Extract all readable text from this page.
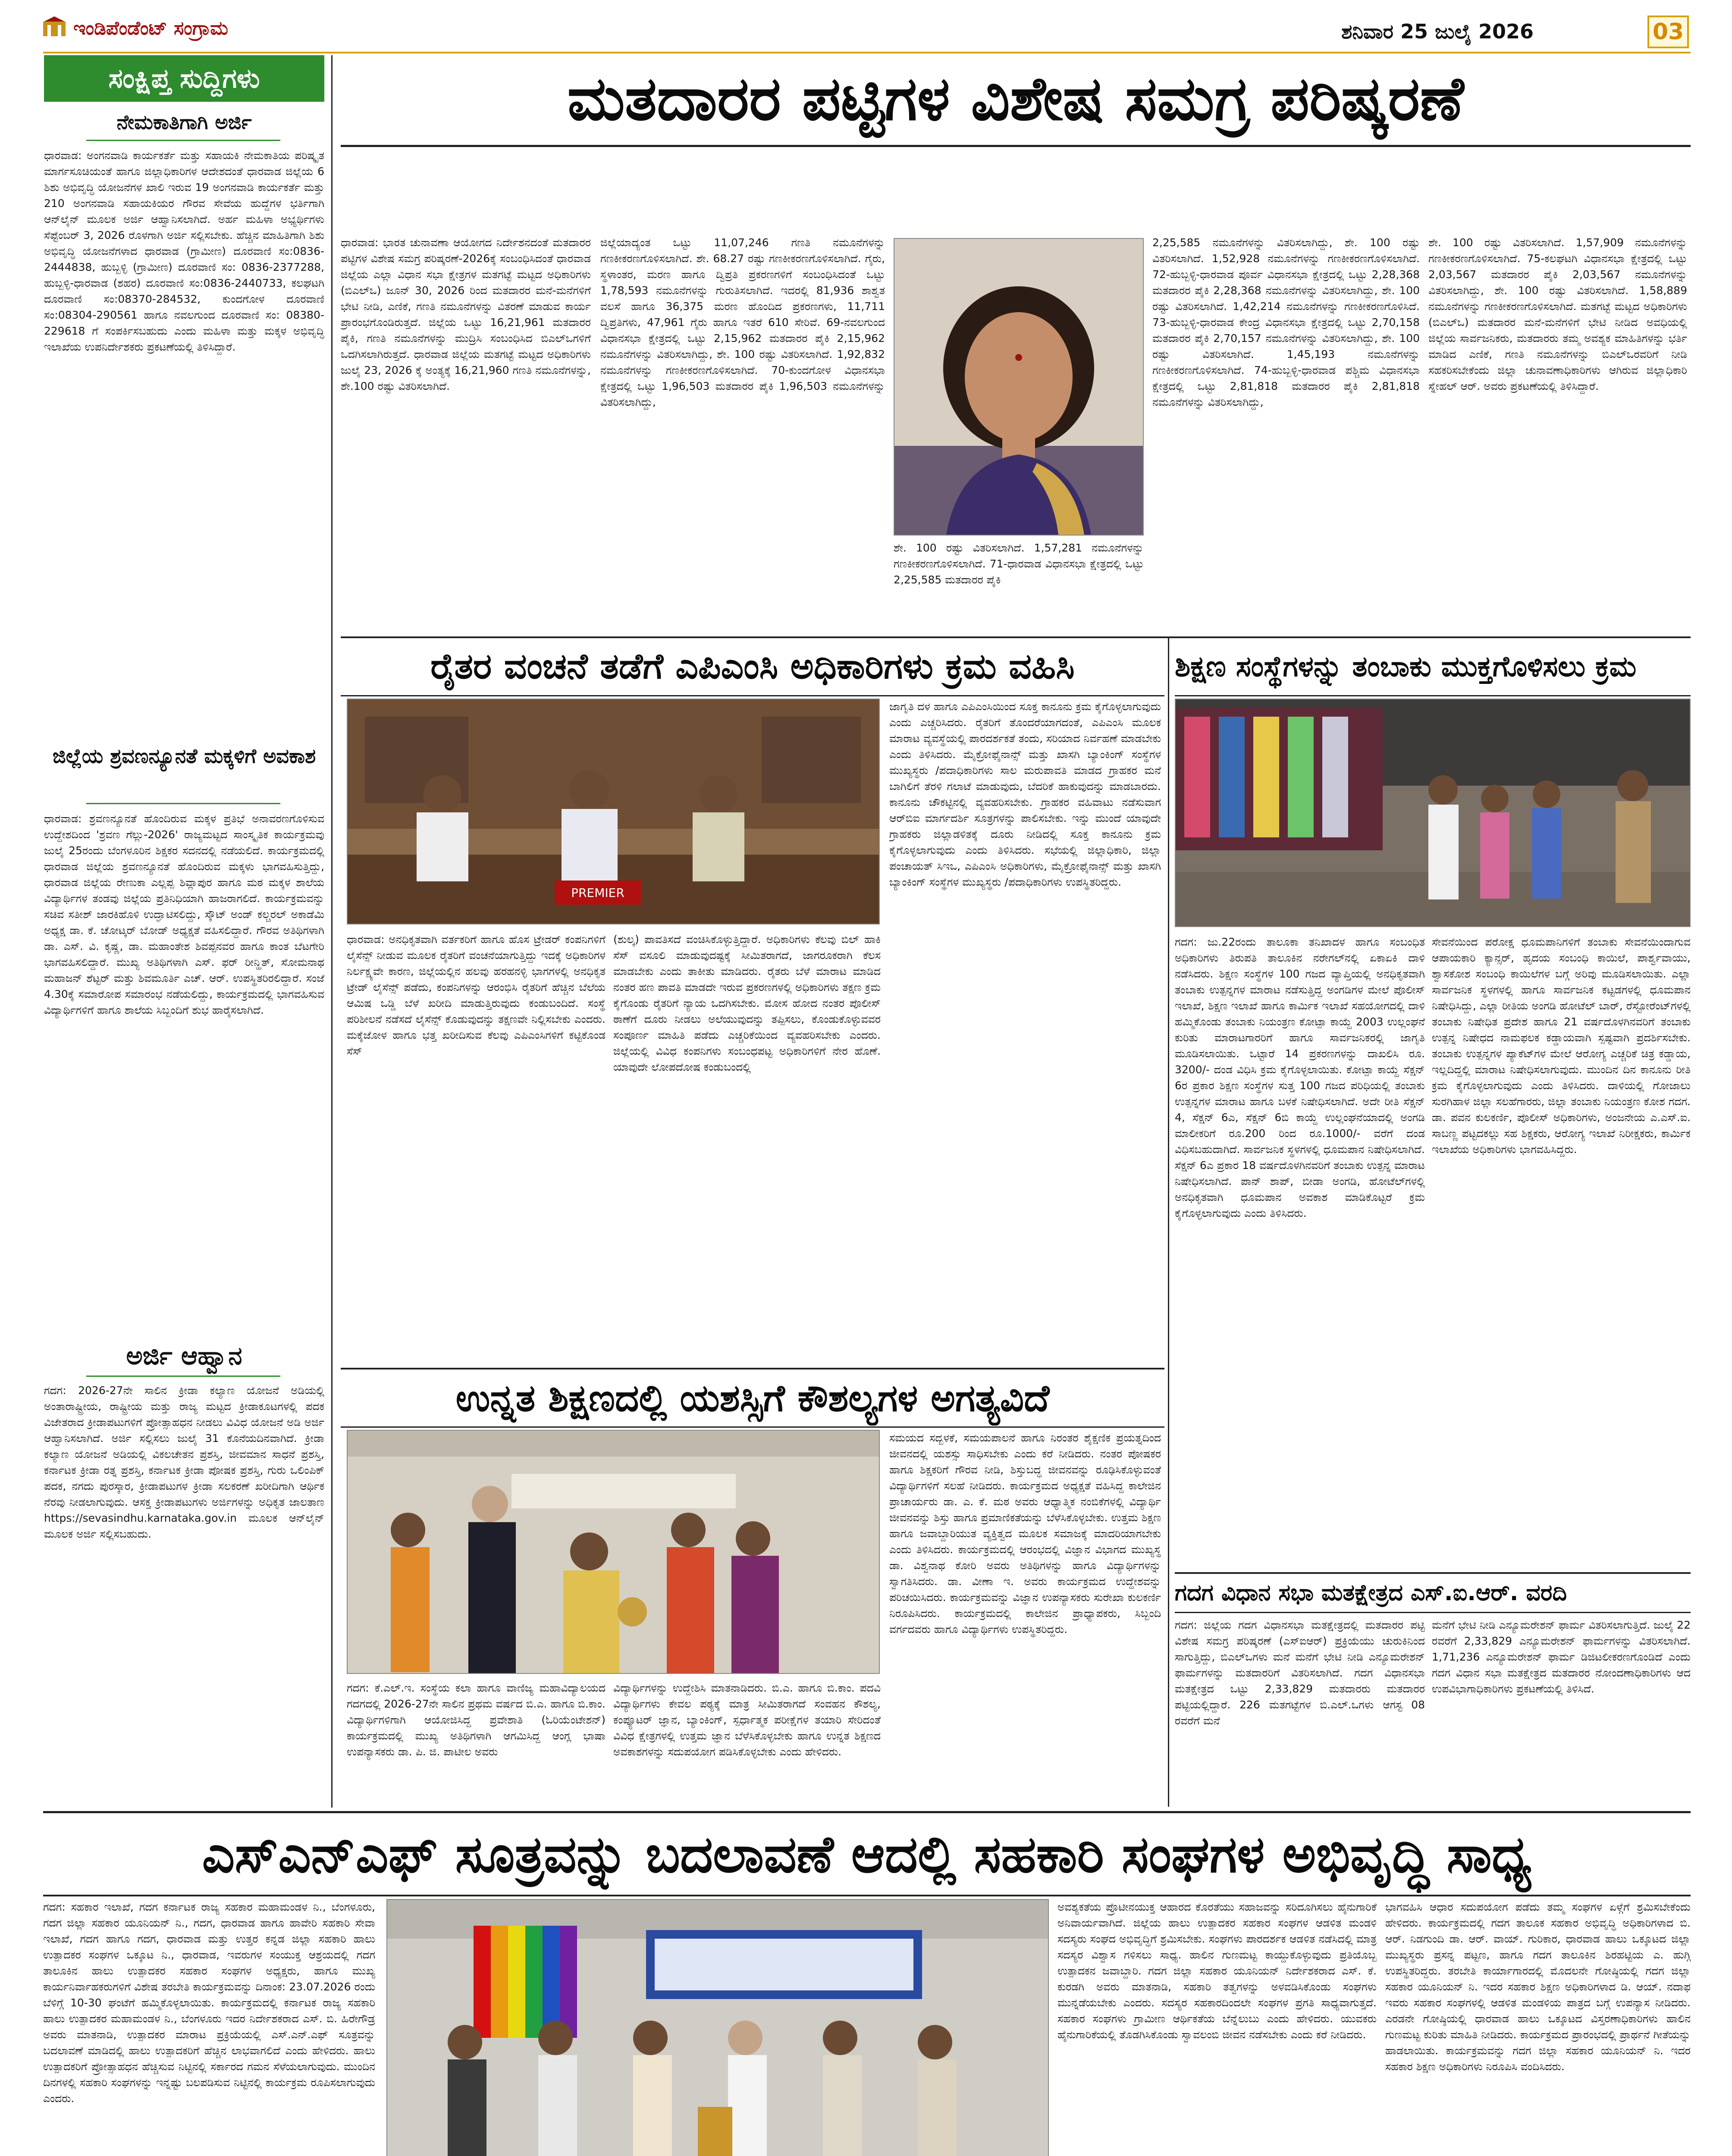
ಇಂಡಿಪೆಂಡೆಂಟ್ ಸಂಗ್ರಾಮ	ಶನಿವಾರ 25 ಜುಲೈ 2026	03
ಸಂಕ್ಷಿಪ್ತ ಸುದ್ದಿಗಳು
ನೇಮಕಾತಿಗಾಗಿ ಅರ್ಜಿ
ಧಾರವಾಡ: ಅಂಗನವಾಡಿ ಕಾರ್ಯಕರ್ತೆ ಮತ್ತು ಸಹಾಯಕಿ ನೇಮಕಾತಿಯ ಪರಿಷ್ಕೃತ ಮಾರ್ಗಸೂಚಿಯಂತೆ ಹಾಗೂ ಜಿಲ್ಲಾಧಿಕಾರಿಗಳ ಆದೇಶದಂತೆ ಧಾರವಾಡ ಜಿಲ್ಲೆಯ 6 ಶಿಶು ಅಭಿವೃದ್ಧಿ ಯೋಜನೆಗಳ ಖಾಲಿ ಇರುವ 19 ಅಂಗನವಾಡಿ ಕಾರ್ಯಕರ್ತೆ ಮತ್ತು 210 ಅಂಗನವಾಡಿ ಸಹಾಯಕಿಯರ ಗೌರವ ಸೇವೆಯ ಹುದ್ದೆಗಳ ಭರ್ತಿಗಾಗಿ ಆನ್‌ಲೈನ್ ಮೂಲಕ ಅರ್ಜಿ ಆಹ್ವಾನಿಸಲಾಗಿದೆ. ಅರ್ಹ ಮಹಿಳಾ ಅಭ್ಯರ್ಥಿಗಳು ಸೆಪ್ಟೆಂಬರ್ 3, 2026 ರೊಳಗಾಗಿ ಅರ್ಜಿ ಸಲ್ಲಿಸಬೇಕು. ಹೆಚ್ಚಿನ ಮಾಹಿತಿಗಾಗಿ ಶಿಶು ಅಭಿವೃದ್ಧಿ ಯೋಜನೆಗಳಾದ ಧಾರವಾಡ (ಗ್ರಾಮೀಣ) ದೂರವಾಣಿ ಸಂ:0836-2444838, ಹುಬ್ಬಳ್ಳಿ (ಗ್ರಾಮೀಣ) ದೂರವಾಣಿ ಸಂ: 0836-2377288, ಹುಬ್ಬಳ್ಳಿ-ಧಾರವಾಡ (ಶಹರ) ದೂರವಾಣಿ ಸಂ:0836-2440733, ಕಲಘಟಗಿ ದೂರವಾಣಿ ಸಂ:08370-284532, ಕುಂದಗೋಳ ದೂರವಾಣಿ ಸಂ:08304-290561 ಹಾಗೂ ನವಲಗುಂದ ದೂರವಾಣಿ ಸಂ: 08380-229618 ಗೆ ಸಂಪರ್ಕಿಸಬಹುದು ಎಂದು ಮಹಿಳಾ ಮತ್ತು ಮಕ್ಕಳ ಅಭಿವೃದ್ಧಿ ಇಲಾಖೆಯ ಉಪನಿರ್ದೇಶಕರು ಪ್ರಕಟಣೆಯಲ್ಲಿ ತಿಳಿಸಿದ್ದಾರೆ.
ಜಿಲ್ಲೆಯ ಶ್ರವಣನ್ಯೂನತೆ ಮಕ್ಕಳಿಗೆ ಅವಕಾಶ
ಧಾರವಾಡ: ಶ್ರವಣನ್ಯೂನತೆ ಹೊಂದಿರುವ ಮಕ್ಕಳ ಪ್ರತಿಭೆ ಅನಾವರಣಗೊಳಿಸುವ ಉದ್ದೇಶದಿಂದ 'ಶ್ರವಣ ಗೆಲ್ಲು-2026' ರಾಜ್ಯಮಟ್ಟದ ಸಾಂಸ್ಕೃತಿಕ ಕಾರ್ಯಕ್ರಮವು ಜುಲೈ 25ರಂದು ಬೆಂಗಳೂರಿನ ಶಿಕ್ಷಕರ ಸದನದಲ್ಲಿ ನಡೆಯಲಿದೆ. ಕಾರ್ಯಕ್ರಮದಲ್ಲಿ ಧಾರವಾಡ ಜಿಲ್ಲೆಯ ಶ್ರವಣನ್ಯೂನತೆ ಹೊಂದಿರುವ ಮಕ್ಕಳು ಭಾಗವಹಿಸುತ್ತಿದ್ದು, ಧಾರವಾಡ ಜಿಲ್ಲೆಯ ರೇಣುಕಾ ಎಲ್ಲಪ್ಪ ಶಿವ್ಲಾಪುರ ಹಾಗೂ ಮಠ ಮಕ್ಕಳ ಶಾಲೆಯ ವಿದ್ಯಾರ್ಥಿಗಳ ತಂಡವು ಜಿಲ್ಲೆಯ ಪ್ರತಿನಿಧಿಯಾಗಿ ಹಾಜರಾಗಲಿದೆ. ಕಾರ್ಯಕ್ರಮವನ್ನು ಸಚಿವ ಸತೀಶ್ ಜಾರಕಿಹೊಳಿ ಉದ್ಘಾಟಿಸಲಿದ್ದು, ಸ್ಕೌಟ್ ಅಂಡ್ ಕಲ್ಚರಲ್ ಅಕಾಡೆಮಿ ಅಧ್ಯಕ್ಷ ಡಾ. ಕೆ. ಚೋಟ್ಕರ್ ಬೋಡ್ ಅಧ್ಯಕ್ಷತೆ ವಹಿಸಲಿದ್ದಾರೆ. ಗೌರವ ಅತಿಥಿಗಳಾಗಿ ಡಾ. ಎಸ್. ವಿ. ಕೃಷ್ಣ, ಡಾ. ಮಹಾಂತೇಶ ಶಿವಪ್ಪನವರ ಹಾಗೂ ಕಾಂತ ಬೆಟಗೇರಿ ಭಾಗವಹಿಸಲಿದ್ದಾರೆ. ಮುಖ್ಯ ಅತಿಥಿಗಳಾಗಿ ಎಸ್. ಫರ್ ರೀನ್ಹಿತ್, ಸೋಮನಾಥ ಮಹಾಜನ್ ಶೆಟ್ಟರ್ ಮತ್ತು ಶಿವಮೂರ್ತಿ ಎಚ್. ಆರ್. ಉಪಸ್ಥಿತರಿರಲಿದ್ದಾರೆ. ಸಂಜೆ 4.30ಕ್ಕೆ ಸಮಾರೋಪ ಸಮಾರಂಭ ನಡೆಯಲಿದ್ದು, ಕಾರ್ಯಕ್ರಮದಲ್ಲಿ ಭಾಗವಹಿಸುವ ವಿದ್ಯಾರ್ಥಿಗಳಿಗೆ ಹಾಗೂ ಶಾಲೆಯ ಸಿಬ್ಬಂದಿಗೆ ಶುಭ ಹಾರೈಸಲಾಗಿದೆ.
ಅರ್ಜಿ ಆಹ್ವಾನ
ಗದಗ: 2026-27ನೇ ಸಾಲಿನ ಕ್ರೀಡಾ ಕಲ್ಯಾಣ ಯೋಜನೆ ಅಡಿಯಲ್ಲಿ ಅಂತಾರಾಷ್ಟ್ರೀಯ, ರಾಷ್ಟ್ರೀಯ ಮತ್ತು ರಾಜ್ಯ ಮಟ್ಟದ ಕ್ರೀಡಾಕೂಟಗಳಲ್ಲಿ ಪದಕ ವಿಜೇತರಾದ ಕ್ರೀಡಾಪಟುಗಳಿಗೆ ಪ್ರೋತ್ಸಾಹಧನ ನೀಡಲು ವಿವಿಧ ಯೋಜನೆ ಅಡಿ ಅರ್ಜಿ ಆಹ್ವಾನಿಸಲಾಗಿದೆ. ಅರ್ಜಿ ಸಲ್ಲಿಸಲು ಜುಲೈ 31 ಕೊನೆಯದಿನವಾಗಿದೆ. ಕ್ರೀಡಾ ಕಲ್ಯಾಣ ಯೋಜನೆ ಅಡಿಯಲ್ಲಿ ವಿಕಲಚೇತನ ಪ್ರಶಸ್ತಿ, ಜೀವಮಾನ ಸಾಧನೆ ಪ್ರಶಸ್ತಿ, ಕರ್ನಾಟಕ ಕ್ರೀಡಾ ರತ್ನ ಪ್ರಶಸ್ತಿ, ಕರ್ನಾಟಕ ಕ್ರೀಡಾ ಪೋಷಕ ಪ್ರಶಸ್ತಿ, ಗುರು ಒಲಿಂಪಿಕ್ ಪದಕ, ನಗದು ಪುರಸ್ಕಾರ, ಕ್ರೀಡಾಪಟುಗಳ ಕ್ರೀಡಾ ಸಲಕರಣೆ ಖರೀದಿಗಾಗಿ ಆರ್ಥಿಕ ನೆರವು ನೀಡಲಾಗುವುದು. ಆಸಕ್ತ ಕ್ರೀಡಾಪಟುಗಳು ಅರ್ಜಿಗಳನ್ನು ಅಧಿಕೃತ ಜಾಲತಾಣ https://sevasindhu.karnataka.gov.in ಮೂಲಕ ಆನ್‌ಲೈನ್ ಮೂಲಕ ಅರ್ಜಿ ಸಲ್ಲಿಸಬಹುದು.
ಮತದಾರರ ಪಟ್ಟಿಗಳ ವಿಶೇಷ ಸಮಗ್ರ ಪರಿಷ್ಕರಣೆ
ಧಾರವಾಡ: ಭಾರತ ಚುನಾವಣಾ ಆಯೋಗದ ನಿರ್ದೇಶನದಂತೆ ಮತದಾರರ ಪಟ್ಟಿಗಳ ವಿಶೇಷ ಸಮಗ್ರ ಪರಿಷ್ಕರಣೆ-2026ಕ್ಕೆ ಸಂಬಂಧಿಸಿದಂತೆ ಧಾರವಾಡ ಜಿಲ್ಲೆಯ ಎಲ್ಲಾ ವಿಧಾನ ಸಭಾ ಕ್ಷೇತ್ರಗಳ ಮತಗಟ್ಟೆ ಮಟ್ಟದ ಅಧಿಕಾರಿಗಳು (ಬಿಎಲ್‌ಒ) ಜೂನ್ 30, 2026 ರಿಂದ ಮತದಾರರ ಮನೆ-ಮನೆಗಳಿಗೆ ಭೇಟಿ ನೀಡಿ, ಎಣಿಕೆ, ಗಣತಿ ನಮೂನೆಗಳನ್ನು ವಿತರಣೆ ಮಾಡುವ ಕಾರ್ಯ ಪ್ರಾರಂಭಗೊಂಡಿರುತ್ತದೆ. ಜಿಲ್ಲೆಯ ಒಟ್ಟು 16,21,961 ಮತದಾರರ ಪೈಕಿ, ಗಣತಿ ನಮೂನೆಗಳನ್ನು ಮುದ್ರಿಸಿ ಸಂಬಂಧಿಸಿದ ಬಿಎಲ್‌ಒಗಳಿಗೆ ಒದಗಿಸಲಾಗಿರುತ್ತದೆ. ಧಾರವಾಡ ಜಿಲ್ಲೆಯ ಮತಗಟ್ಟೆ ಮಟ್ಟದ ಅಧಿಕಾರಿಗಳು ಜುಲೈ 23, 2026 ಕ್ಕೆ ಅಂತ್ಯಕ್ಕೆ 16,21,960 ಗಣತಿ ನಮೂನೆಗಳನ್ನು, ಶೇ.100 ರಷ್ಟು ವಿತರಿಸಲಾಗಿದೆ.
ಜಿಲ್ಲೆಯಾದ್ಯಂತ ಒಟ್ಟು 11,07,246 ಗಣತಿ ನಮೂನೆಗಳನ್ನು ಗಣಕೀಕರಣಗೊಳಿಸಲಾಗಿದೆ. ಶೇ. 68.27 ರಷ್ಟು ಗಣಕೀಕರಣಗೊಳಿಸಲಾಗಿದೆ. ಗೈರು, ಸ್ಥಳಾಂತರ, ಮರಣ ಹಾಗೂ ದ್ವಿಪ್ರತಿ ಪ್ರಕರಣಗಳಿಗೆ ಸಂಬಂಧಿಸಿದಂತೆ ಒಟ್ಟು 1,78,593 ನಮೂನೆಗಳನ್ನು ಗುರುತಿಸಲಾಗಿದೆ. ಇದರಲ್ಲಿ 81,936 ಶಾಶ್ವತ ವಲಸೆ ಹಾಗೂ 36,375 ಮರಣ ಹೊಂದಿದ ಪ್ರಕರಣಗಳು, 11,711 ದ್ವಿಪ್ರತಿಗಳು, 47,961 ಗೈರು ಹಾಗೂ ಇತರೆ 610 ಸೇರಿವೆ. 69-ನವಲಗುಂದ ವಿಧಾನಸಭಾ ಕ್ಷೇತ್ರದಲ್ಲಿ ಒಟ್ಟು 2,15,962 ಮತದಾರರ ಪೈಕಿ 2,15,962 ನಮೂನೆಗಳನ್ನು ವಿತರಿಸಲಾಗಿದ್ದು, ಶೇ. 100 ರಷ್ಟು ವಿತರಿಸಲಾಗಿದೆ. 1,92,832 ನಮೂನೆಗಳನ್ನು ಗಣಕೀಕರಣಗೊಳಿಸಲಾಗಿದೆ. 70-ಕುಂದಗೋಳ ವಿಧಾನಸಭಾ ಕ್ಷೇತ್ರದಲ್ಲಿ ಒಟ್ಟು 1,96,503 ಮತದಾರರ ಪೈಕಿ 1,96,503 ನಮೂನೆಗಳನ್ನು ವಿತರಿಸಲಾಗಿದ್ದು,
ಶೇ. 100 ರಷ್ಟು ವಿತರಿಸಲಾಗಿದೆ. 1,57,281 ನಮೂನೆಗಳನ್ನು ಗಣಕೀಕರಣಗೊಳಿಸಲಾಗಿದೆ. 71-ಧಾರವಾಡ ವಿಧಾನಸಭಾ ಕ್ಷೇತ್ರದಲ್ಲಿ ಒಟ್ಟು 2,25,585 ಮತದಾರರ ಪೈಕಿ
2,25,585 ನಮೂನೆಗಳನ್ನು ವಿತರಿಸಲಾಗಿದ್ದು, ಶೇ. 100 ರಷ್ಟು ವಿತರಿಸಲಾಗಿದೆ. 1,52,928 ನಮೂನೆಗಳನ್ನು ಗಣಕೀಕರಣಗೊಳಿಸಲಾಗಿದೆ. 72-ಹುಬ್ಬಳ್ಳಿ-ಧಾರವಾಡ ಪೂರ್ವ ವಿಧಾನಸಭಾ ಕ್ಷೇತ್ರದಲ್ಲಿ ಒಟ್ಟು 2,28,368 ಮತದಾರರ ಪೈಕಿ 2,28,368 ನಮೂನೆಗಳನ್ನು ವಿತರಿಸಲಾಗಿದ್ದು, ಶೇ. 100 ರಷ್ಟು ವಿತರಿಸಲಾಗಿದೆ. 1,42,214 ನಮೂನೆಗಳನ್ನು ಗಣಕೀಕರಣಗೊಳಿಸಿದೆ. 73-ಹುಬ್ಬಳ್ಳಿ-ಧಾರವಾಡ ಕೇಂದ್ರ ವಿಧಾನಸಭಾ ಕ್ಷೇತ್ರದಲ್ಲಿ ಒಟ್ಟು 2,70,158 ಮತದಾರರ ಪೈಕಿ 2,70,157 ನಮೂನೆಗಳನ್ನು ವಿತರಿಸಲಾಗಿದ್ದು, ಶೇ. 100 ರಷ್ಟು ವಿತರಿಸಲಾಗಿದೆ. 1,45,193 ನಮೂನೆಗಳನ್ನು ಗಣಕೀಕರಣಗೊಳಿಸಲಾಗಿದೆ. 74-ಹುಬ್ಬಳ್ಳಿ-ಧಾರವಾಡ ಪಶ್ಚಿಮ ವಿಧಾನಸಭಾ ಕ್ಷೇತ್ರದಲ್ಲಿ ಒಟ್ಟು 2,81,818 ಮತದಾರರ ಪೈಕಿ 2,81,818 ನಮೂನೆಗಳನ್ನು ವಿತರಿಸಲಾಗಿದ್ದು,
ಶೇ. 100 ರಷ್ಟು ವಿತರಿಸಲಾಗಿದೆ. 1,57,909 ನಮೂನೆಗಳನ್ನು ಗಣಕೀಕರಣಗೊಳಿಸಲಾಗಿದೆ. 75-ಕಲಘಟಗಿ ವಿಧಾನಸಭಾ ಕ್ಷೇತ್ರದಲ್ಲಿ ಒಟ್ಟು 2,03,567 ಮತದಾರರ ಪೈಕಿ 2,03,567 ನಮೂನೆಗಳನ್ನು ವಿತರಿಸಲಾಗಿದ್ದು, ಶೇ. 100 ರಷ್ಟು ವಿತರಿಸಲಾಗಿದೆ. 1,58,889 ನಮೂನೆಗಳನ್ನು ಗಣಕೀಕರಣಗೊಳಿಸಲಾಗಿದೆ. ಮತಗಟ್ಟೆ ಮಟ್ಟದ ಅಧಿಕಾರಿಗಳು (ಬಿಎಲ್‌ಒ) ಮತದಾರರ ಮನೆ-ಮನೆಗಳಿಗೆ ಭೇಟಿ ನೀಡಿದ ಅವಧಿಯಲ್ಲಿ ಜಿಲ್ಲೆಯ ಸಾರ್ವಜನಿಕರು, ಮತದಾರರು ತಮ್ಮ ಅವಶ್ಯಕ ಮಾಹಿತಿಗಳನ್ನು ಭರ್ತಿ ಮಾಡಿದ ಎಣಿಕೆ, ಗಣತಿ ನಮೂನೆಗಳನ್ನು ಬಿಎಲ್‌ಒರವರಿಗೆ ನೀಡಿ ಸಹಕರಿಸಬೇಕೆಂದು ಜಿಲ್ಲಾ ಚುನಾವಣಾಧಿಕಾರಿಗಳು ಆಗಿರುವ ಜಿಲ್ಲಾಧಿಕಾರಿ ಸ್ನೇಹಲ್ ಆರ್. ಅವರು ಪ್ರಕಟಣೆಯಲ್ಲಿ ತಿಳಿಸಿದ್ದಾರೆ.
ರೈತರ ವಂಚನೆ ತಡೆಗೆ ಎಪಿಎಂಸಿ ಅಧಿಕಾರಿಗಳು ಕ್ರಮ ವಹಿಸಿ
PREMIER
ಧಾರವಾಡ: ಅನಧಿಕೃತವಾಗಿ ವರ್ತಕರಿಗೆ ಹಾಗೂ ಹೊಸ ಟ್ರೇಡರ್ ಕಂಪನಿಗಳಿಗೆ ಲೈಸೆನ್ಸ್ ನೀಡುವ ಮೂಲಕ ರೈತರಿಗೆ ವಂಚನೆಯಾಗುತ್ತಿದ್ದು ಇದಕ್ಕೆ ಅಧಿಕಾರಿಗಳ ನಿರ್ಲಕ್ಷ್ಯವೇ ಕಾರಣ, ಜಿಲ್ಲೆಯಲ್ಲಿನ ಹಲವು ಹರಹನಳ್ಳಿ ಭಾಗಗಳಲ್ಲಿ ಅನಧಿಕೃತ ಟ್ರೇಡ್ ಲೈಸೆನ್ಸ್ ಪಡೆದು, ಕಂಪನಿಗಳನ್ನು ಆರಂಭಿಸಿ ರೈತರಿಗೆ ಹೆಚ್ಚಿನ ಬೆಲೆಯ ಆಮಿಷ ಒಡ್ಡಿ ಬೆಳೆ ಖರೀದಿ ಮಾಡುತ್ತಿರುವುದು ಕಂಡುಬಂದಿದೆ. ಸಂಸ್ಥೆ ಪರಿಶೀಲನೆ ನಡೆಸದೆ ಲೈಸೆನ್ಸ್ ಕೊಡುವುದನ್ನು ತಕ್ಷಣವೇ ನಿಲ್ಲಿಸಬೇಕು ಎಂದರು. ಮಕ್ಕೆಜೋಳ ಹಾಗೂ ಭತ್ತ ಖರೀದಿಸುವ ಕೆಲವು ಎಪಿಎಂಸಿಗಳಿಗೆ ಕಟ್ಟಿಕೊಂಡ ಸೆಸ್
(ಶುಲ್ಕ) ಪಾವತಿಸದೆ ವಂಚಿಸಿಕೊಳ್ಳುತ್ತಿದ್ದಾರೆ. ಅಧಿಕಾರಿಗಳು ಕೆಲವು ಬಿಲ್ ಹಾಕಿ ಸೆಸ್ ವಸೂಲಿ ಮಾಡುವುದಷ್ಟಕ್ಕೆ ಸೀಮಿತರಾಗದೆ, ಜಾಗರೂಕರಾಗಿ ಕೆಲಸ ಮಾಡಬೇಕು ಎಂದು ತಾಕೀತು ಮಾಡಿದರು. ರೈತರು ಬೆಳೆ ಮಾರಾಟ ಮಾಡಿದ ನಂತರ ಹಣ ಪಾವತಿ ಮಾಡದೇ ಇರುವ ಪ್ರಕರಣಗಳಲ್ಲಿ ಅಧಿಕಾರಿಗಳು ತಕ್ಷಣ ಕ್ರಮ ಕೈಗೊಂಡು ರೈತರಿಗೆ ನ್ಯಾಯ ಒದಗಿಸಬೇಕು. ಮೋಸ ಹೋದ ನಂತರ ಪೊಲೀಸ್ ಠಾಣೆಗೆ ದೂರು ನೀಡಲು ಅಲೆಯುವುದನ್ನು ತಪ್ಪಿಸಲು, ಕೊಂಡುಕೊಳ್ಳುವವರ ಸಂಪೂರ್ಣ ಮಾಹಿತಿ ಪಡೆದು ಎಚ್ಚರಿಕೆಯಿಂದ ವ್ಯವಹರಿಸಬೇಕು ಎಂದರು. ಜಿಲ್ಲೆಯಲ್ಲಿ ವಿವಿಧ ಕಂಪನಿಗಳು ಸಂಬಂಧಪಟ್ಟ ಅಧಿಕಾರಿಗಳಿಗೆ ನೇರ ಹೊಣೆ. ಯಾವುದೇ ಲೋಪದೋಷ ಕಂಡುಬಂದಲ್ಲಿ
ಜಾಗೃತಿ ದಳ ಹಾಗೂ ಎಪಿಎಂಸಿಯಿಂದ ಸೂಕ್ತ ಕಾನೂನು ಕ್ರಮ ಕೈಗೊಳ್ಳಲಾಗುವುದು ಎಂದು ಎಚ್ಚರಿಸಿದರು. ರೈತರಿಗೆ ತೊಂದರೆಯಾಗದಂತೆ, ಎಪಿಎಂಸಿ ಮೂಲಕ ಮಾರಾಟ ವ್ಯವಸ್ಥೆಯಲ್ಲಿ ಪಾರದರ್ಶಕತೆ ತಂದು, ಸರಿಯಾದ ನಿರ್ವಹಣೆ ಮಾಡಬೇಕು ಎಂದು ತಿಳಿಸಿದರು. ಮೈಕ್ರೋಫೈನಾನ್ಸ್ ಮತ್ತು ಖಾಸಗಿ ಬ್ಯಾಂಕಿಂಗ್ ಸಂಸ್ಥೆಗಳ ಮುಖ್ಯಸ್ಥರು /ಪದಾಧಿಕಾರಿಗಳು ಸಾಲ ಮರುಪಾವತಿ ಮಾಡದ ಗ್ರಾಹಕರ ಮನೆ ಬಾಗಿಲಿಗೆ ತೆರಳಿ ಗಲಾಟೆ ಮಾಡುವುದು, ಬೆದರಿಕೆ ಹಾಕುವುದನ್ನು ಮಾಡಬಾರದು. ಕಾನೂನು ಚೌಕಟ್ಟಿನಲ್ಲಿ ವ್ಯವಹರಿಸಬೇಕು. ಗ್ರಾಹಕರ ವಹಿವಾಟು ನಡೆಸುವಾಗ ಆರ್‌ಬಿಐ ಮಾರ್ಗದರ್ಶಿ ಸೂತ್ರಗಳನ್ನು ಪಾಲಿಸಬೇಕು. ಇನ್ನು ಮುಂದೆ ಯಾವುದೇ ಗ್ರಾಹಕರು ಜಿಲ್ಲಾಡಳಿತಕ್ಕೆ ದೂರು ನೀಡಿದಲ್ಲಿ ಸೂಕ್ತ ಕಾನೂನು ಕ್ರಮ ಕೈಗೊಳ್ಳಲಾಗುವುದು ಎಂದು ತಿಳಿಸಿದರು. ಸಭೆಯಲ್ಲಿ ಜಿಲ್ಲಾಧಿಕಾರಿ, ಜಿಲ್ಲಾ ಪಂಚಾಯತ್ ಸಿಇಒ, ಎಪಿಎಂಸಿ ಅಧಿಕಾರಿಗಳು, ಮೈಕ್ರೋಫೈನಾನ್ಸ್ ಮತ್ತು ಖಾಸಗಿ ಬ್ಯಾಂಕಿಂಗ್ ಸಂಸ್ಥೆಗಳ ಮುಖ್ಯಸ್ಥರು /ಪದಾಧಿಕಾರಿಗಳು ಉಪಸ್ಥಿತರಿದ್ದರು.
ಶಿಕ್ಷಣ ಸಂಸ್ಥೆಗಳನ್ನು ತಂಬಾಕು ಮುಕ್ತಗೊಳಿಸಲು ಕ್ರಮ
ಗದಗ: ಜು.22ರಂದು ತಾಲೂಕಾ ತನಿಖಾದಳ ಹಾಗೂ ಸಂಬಂಧಿತ ಅಧಿಕಾರಿಗಳು ತಿರುಪತಿ ತಾಲೂಕಿನ ನರೇಗಲ್‌ನಲ್ಲಿ ಏಕಾಏಕಿ ದಾಳಿ ನಡೆಸಿದರು. ಶಿಕ್ಷಣ ಸಂಸ್ಥೆಗಳ 100 ಗಜದ ವ್ಯಾಪ್ತಿಯಲ್ಲಿ ಅನಧಿಕೃತವಾಗಿ ತಂಬಾಕು ಉತ್ಪನ್ನಗಳ ಮಾರಾಟ ನಡೆಸುತ್ತಿದ್ದ ಅಂಗಡಿಗಳ ಮೇಲೆ ಪೊಲೀಸ್ ಇಲಾಖೆ, ಶಿಕ್ಷಣ ಇಲಾಖೆ ಹಾಗೂ ಕಾರ್ಮಿಕ ಇಲಾಖೆ ಸಹಯೋಗದಲ್ಲಿ ದಾಳಿ ಹಮ್ಮಿಕೊಂಡು ತಂಬಾಕು ನಿಯಂತ್ರಣ ಕೋಟ್ಪಾ ಕಾಯ್ದೆ 2003 ಉಲ್ಲಂಘನೆ ಕುರಿತು ಮಾರಾಟಗಾರರಿಗೆ ಹಾಗೂ ಸಾರ್ವಜನಿಕರಲ್ಲಿ ಜಾಗೃತಿ ಮೂಡಿಸಲಾಯಿತು. ಒಟ್ಟಾರೆ 14 ಪ್ರಕರಣಗಳನ್ನು ದಾಖಲಿಸಿ ರೂ. 3200/- ದಂಡ ವಿಧಿಸಿ ಕ್ರಮ ಕೈಗೊಳ್ಳಲಾಯಿತು. ಕೋಟ್ಪಾ ಕಾಯ್ದೆ ಸೆಕ್ಷನ್ 6ರ ಪ್ರಕಾರ ಶಿಕ್ಷಣ ಸಂಸ್ಥೆಗಳ ಸುತ್ತ 100 ಗಜದ ಪರಿಧಿಯಲ್ಲಿ ತಂಬಾಕು ಉತ್ಪನ್ನಗಳ ಮಾರಾಟ ಹಾಗೂ ಬಳಕೆ ನಿಷೇಧಿಸಲಾಗಿದೆ. ಅದೇ ರೀತಿ ಸೆಕ್ಷನ್ 4, ಸೆಕ್ಷನ್ 6ಎ, ಸೆಕ್ಷನ್ 6ಬಿ ಕಾಯ್ದೆ ಉಲ್ಲಂಘನೆಯಾದಲ್ಲಿ ಅಂಗಡಿ ಮಾಲೀಕರಿಗೆ ರೂ.200 ರಿಂದ ರೂ.1000/- ವರೆಗೆ ದಂಡ ವಿಧಿಸಬಹುದಾಗಿದೆ. ಸಾರ್ವಜನಿಕ ಸ್ಥಳಗಳಲ್ಲಿ ಧೂಮಪಾನ ನಿಷೇಧಿಸಲಾಗಿದೆ. ಸೆಕ್ಷನ್ 6ಎ ಪ್ರಕಾರ 18 ವರ್ಷದೊಳಗಿನವರಿಗೆ ತಂಬಾಕು ಉತ್ಪನ್ನ ಮಾರಾಟ ನಿಷೇಧಿಸಲಾಗಿದೆ. ಪಾನ್ ಶಾಪ್, ಬೀಡಾ ಅಂಗಡಿ, ಹೋಟೆಲ್‌ಗಳಲ್ಲಿ ಅನಧಿಕೃತವಾಗಿ ಧೂಮಪಾನ ಅವಕಾಶ ಮಾಡಿಕೊಟ್ಟರೆ ಕ್ರಮ ಕೈಗೊಳ್ಳಲಾಗುವುದು ಎಂದು ತಿಳಿಸಿದರು.
ಸೇವನೆಯಿಂದ ಪರೋಕ್ಷ ಧೂಮಪಾನಿಗಳಿಗೆ ತಂಬಾಕು ಸೇವನೆಯಿಂದಾಗುವ ಆಪಾಯಕಾರಿ ಕ್ಯಾನ್ಸರ್, ಹೃದಯ ಸಂಬಂಧಿ ಕಾಯಿಲೆ, ಪಾರ್ಶ್ವವಾಯು, ಶ್ವಾಸಕೋಶ ಸಂಬಂಧಿ ಕಾಯಿಲೆಗಳ ಬಗ್ಗೆ ಅರಿವು ಮೂಡಿಸಲಾಯಿತು. ಎಲ್ಲಾ ಸಾರ್ವಜನಿಕ ಸ್ಥಳಗಳಲ್ಲಿ ಹಾಗೂ ಸಾರ್ವಜನಿಕ ಕಟ್ಟಡಗಳಲ್ಲಿ ಧೂಮಪಾನ ನಿಷೇಧಿಸಿದ್ದು, ಎಲ್ಲಾ ರೀತಿಯ ಅಂಗಡಿ ಹೋಟೆಲ್ ಬಾರ್, ರೆಸ್ಟೋರೆಂಟ್‌ಗಳಲ್ಲಿ ತಂಬಾಕು ನಿಷೇಧಿತ ಪ್ರದೇಶ ಹಾಗೂ 21 ವರ್ಷದೊಳಗಿನವರಿಗೆ ತಂಬಾಕು ಉತ್ಪನ್ನ ನಿಷೇಧದ ನಾಮಫಲಕ ಕಡ್ಡಾಯವಾಗಿ ಸ್ಪಷ್ಟವಾಗಿ ಪ್ರದರ್ಶಿಸಬೇಕು. ತಂಬಾಕು ಉತ್ಪನ್ನಗಳ ಪ್ಯಾಕೆಟ್‌ಗಳ ಮೇಲೆ ಆರೋಗ್ಯ ಎಚ್ಚರಿಕೆ ಚಿತ್ರ ಕಡ್ಡಾಯ, ಇಲ್ಲದಿದ್ದಲ್ಲಿ ಮಾರಾಟ ನಿಷೇಧಿಸಲಾಗುವುದು. ಮುಂದಿನ ದಿನ ಕಾನೂನು ರೀತಿ ಕ್ರಮ ಕೈಗೊಳ್ಳಲಾಗುವುದು ಎಂದು ತಿಳಿಸಿದರು. ದಾಳಿಯಲ್ಲಿ ಗೋಜಾಲು ಸುರಗಿಹಾಳ ಜಿಲ್ಲಾ ಸಲಹೆಗಾರರು, ಜಿಲ್ಲಾ ತಂಬಾಕು ನಿಯಂತ್ರಣ ಕೋಶ ಗದಗ. ಡಾ. ಪವನ ಕುಲಕರ್ಣಿ, ಪೊಲೀಸ್ ಅಧಿಕಾರಿಗಳು, ಅಂಜನೇಯ ಎ.ಎಸ್.ಐ. ಸಾಬಣ್ಣ ಪಟ್ಟದಕಲ್ಲು ಸಹ ಶಿಕ್ಷಕರು, ಆರೋಗ್ಯ ಇಲಾಖೆ ನಿರೀಕ್ಷಕರು, ಕಾರ್ಮಿಕ ಇಲಾಖೆಯ ಅಧಿಕಾರಿಗಳು ಭಾಗವಹಿಸಿದ್ದರು.
ಉನ್ನತ ಶಿಕ್ಷಣದಲ್ಲಿ ಯಶಸ್ಸಿಗೆ ಕೌಶಲ್ಯಗಳ ಅಗತ್ಯವಿದೆ
ಗದಗ: ಕೆ.ಎಲ್.ಇ. ಸಂಸ್ಥೆಯ ಕಲಾ ಹಾಗೂ ವಾಣಿಜ್ಯ ಮಹಾವಿದ್ಯಾಲಯದ ಗದಗದಲ್ಲಿ 2026-27ನೇ ಸಾಲಿನ ಪ್ರಥಮ ವರ್ಷದ ಬಿ.ಎ. ಹಾಗೂ ಬಿ.ಕಾಂ. ವಿದ್ಯಾರ್ಥಿಗಳಿಗಾಗಿ ಆಯೋಜಿಸಿದ್ದ ಪ್ರವೇಶಾತಿ (ಓರಿಯೆಂಟೇಶನ್) ಕಾರ್ಯಕ್ರಮದಲ್ಲಿ ಮುಖ್ಯ ಅತಿಥಿಗಳಾಗಿ ಆಗಮಿಸಿದ್ದ ಆಂಗ್ಲ ಭಾಷಾ ಉಪನ್ಯಾಸಕರು ಡಾ. ಪಿ. ಜಿ. ಪಾಟೀಲ ಅವರು
ವಿದ್ಯಾರ್ಥಿಗಳನ್ನು ಉದ್ದೇಶಿಸಿ ಮಾತನಾಡಿದರು. ಬಿ.ಎ. ಹಾಗೂ ಬಿ.ಕಾಂ. ಪದವಿ ವಿದ್ಯಾರ್ಥಿಗಳು ಕೇವಲ ಪಠ್ಯಕ್ಕೆ ಮಾತ್ರ ಸೀಮಿತರಾಗದೆ ಸಂವಹನ ಕೌಶಲ್ಯ, ಕಂಪ್ಯೂಟರ್ ಜ್ಞಾನ, ಬ್ಯಾಂಕಿಂಗ್, ಸ್ಪರ್ಧಾತ್ಮಕ ಪರೀಕ್ಷೆಗಳ ತಯಾರಿ ಸೇರಿದಂತೆ ವಿವಿಧ ಕ್ಷೇತ್ರಗಳಲ್ಲಿ ಉತ್ತಮ ಜ್ಞಾನ ಬೆಳೆಸಿಕೊಳ್ಳಬೇಕು ಹಾಗೂ ಉನ್ನತ ಶಿಕ್ಷಣದ ಅವಕಾಶಗಳನ್ನು ಸದುಪಯೋಗ ಪಡಿಸಿಕೊಳ್ಳಬೇಕು ಎಂದು ಹೇಳಿದರು.
ಸಮಯದ ಸದ್ಬಳಕೆ, ಸಮಯಪಾಲನೆ ಹಾಗೂ ನಿರಂತರ ಶೈಕ್ಷಣಿಕ ಪ್ರಯತ್ನದಿಂದ ಜೀವನದಲ್ಲಿ ಯಶಸ್ಸು ಸಾಧಿಸಬೇಕು ಎಂದು ಕರೆ ನೀಡಿದರು. ನಂತರ ಪೋಷಕರ ಹಾಗೂ ಶಿಕ್ಷಕರಿಗೆ ಗೌರವ ನೀಡಿ, ಶಿಸ್ತುಬದ್ಧ ಜೀವನವನ್ನು ರೂಢಿಸಿಕೊಳ್ಳುವಂತೆ ವಿದ್ಯಾರ್ಥಿಗಳಿಗೆ ಸಲಹೆ ನೀಡಿದರು. ಕಾರ್ಯಕ್ರಮದ ಅಧ್ಯಕ್ಷತೆ ವಹಿಸಿದ್ದ ಕಾಲೇಜಿನ ಪ್ರಾಚಾರ್ಯರು ಡಾ. ಎ. ಕೆ. ಮಠ ಅವರು ಆಧ್ಯಾತ್ಮಿಕ ನಂಬಿಕೆಗಳಲ್ಲಿ ವಿದ್ಯಾರ್ಥಿ ಜೀವನವನ್ನು ಶಿಸ್ತು ಹಾಗೂ ಪ್ರಮಾಣಿಕತೆಯನ್ನು ಬೆಳೆಸಿಕೊಳ್ಳಬೇಕು. ಉತ್ತಮ ಶಿಕ್ಷಣ ಹಾಗೂ ಜವಾಬ್ದಾರಿಯುತ ವ್ಯಕ್ತಿತ್ವದ ಮೂಲಕ ಸಮಾಜಕ್ಕೆ ಮಾದರಿಯಾಗಬೇಕು ಎಂದು ತಿಳಿಸಿದರು. ಕಾರ್ಯಕ್ರಮದಲ್ಲಿ ಆರಂಭದಲ್ಲಿ ವಿಜ್ಞಾನ ವಿಭಾಗದ ಮುಖ್ಯಸ್ಥ ಡಾ. ವಿಶ್ವನಾಥ ಕೋರಿ ಅವರು ಅತಿಥಿಗಳನ್ನು ಹಾಗೂ ವಿದ್ಯಾರ್ಥಿಗಳನ್ನು ಸ್ವಾಗತಿಸಿದರು. ಡಾ. ವೀಣಾ ಇ. ಅವರು ಕಾರ್ಯಕ್ರಮದ ಉದ್ದೇಶವನ್ನು ಪರಿಚಯಿಸಿದರು. ಕಾರ್ಯಕ್ರಮವನ್ನು ವಿಜ್ಞಾನ ಉಪನ್ಯಾಸಕರು ಸುರೇಖಾ ಕುಲಕರ್ಣಿ ನಿರೂಪಿಸಿದರು. ಕಾರ್ಯಕ್ರಮದಲ್ಲಿ ಕಾಲೇಜಿನ ಪ್ರಾಧ್ಯಾಪಕರು, ಸಿಬ್ಬಂದಿ ವರ್ಗದವರು ಹಾಗೂ ವಿದ್ಯಾರ್ಥಿಗಳು ಉಪಸ್ಥಿತರಿದ್ದರು.
ಗದಗ ವಿಧಾನ ಸಭಾ ಮತಕ್ಷೇತ್ರದ ಎಸ್.ಐ.ಆರ್. ವರದಿ
ಗದಗ: ಜಿಲ್ಲೆಯ ಗದಗ ವಿಧಾನಸಭಾ ಮತಕ್ಷೇತ್ರದಲ್ಲಿ ಮತದಾರರ ಪಟ್ಟಿ ವಿಶೇಷ ಸಮಗ್ರ ಪರಿಷ್ಕರಣೆ (ಎಸ್‌ಐಆರ್) ಪ್ರಕ್ರಿಯೆಯು ಚುರುಕಿನಿಂದ ಸಾಗುತ್ತಿದ್ದು, ಬಿಎಲ್‌ಒಗಳು ಮನೆ ಮನೆಗೆ ಭೇಟಿ ನೀಡಿ ಎನ್ಯೂಮರೇಶನ್ ಫಾರ್ಮಗಳನ್ನು ಮತದಾರರಿಗೆ ವಿತರಿಸಲಾಗಿದೆ. ಗದಗ ವಿಧಾನಸಭಾ ಮತಕ್ಷೇತ್ರದ ಒಟ್ಟು 2,33,829 ಮತದಾರರು ಮತದಾರರ ಪಟ್ಟಿಯಲ್ಲಿದ್ದಾರೆ. 226 ಮತಗಟ್ಟೆಗಳ ಬಿ.ಎಲ್.ಒಗಳು ಆಗಸ್ಟ 08 ರವರೆಗೆ ಮನೆ
ಮನೆಗೆ ಭೇಟಿ ನೀಡಿ ಎನ್ಯೂಮರೇಶನ್ ಫಾರ್ಮ ವಿತರಿಸಲಾಗುತ್ತಿದೆ. ಜುಲೈ 22 ರವರೆಗೆ 2,33,829 ಎನ್ಯೂಮರೇಶನ್ ಫಾರ್ಮಗಳನ್ನು ವಿತರಿಸಲಾಗಿದೆ. 1,71,236 ಎನ್ಯೂಮರೇಶನ್ ಫಾರ್ಮ ಡಿಜಿಟಲೀಕರಣಗೊಂಡಿದೆ ಎಂದು ಗದಗ ವಿಧಾನ ಸಭಾ ಮತಕ್ಷೇತ್ರದ ಮತದಾರರ ನೋಂದಣಾಧಿಕಾರಿಗಳು ಆದ ಉಪವಿಭಾಗಾಧಿಕಾರಿಗಳು ಪ್ರಕಟಣೆಯಲ್ಲಿ ತಿಳಿಸಿದೆ.
ಎಸ್‌ಎನ್‌ಎಫ್ ಸೂತ್ರವನ್ನು ಬದಲಾವಣೆ ಆದಲ್ಲಿ ಸಹಕಾರಿ ಸಂಘಗಳ ಅಭಿವೃದ್ಧಿ ಸಾಧ್ಯ
ಗದಗ: ಸಹಕಾರ ಇಲಾಖೆ, ಗದಗ ಕರ್ನಾಟಕ ರಾಜ್ಯ ಸಹಕಾರ ಮಹಾಮಂಡಳ ನಿ., ಬೆಂಗಳೂರು, ಗದಗ ಜಿಲ್ಲಾ ಸಹಕಾರ ಯೂನಿಯನ್ ನಿ., ಗದಗ, ಧಾರವಾಡ ಹಾಗೂ ಹಾವೇರಿ ಸಹಕಾರಿ ಸೇವಾ ಇಲಾಖೆ, ಗದಗ ಹಾಗೂ ಗದಗ, ಧಾರವಾಡ ಮತ್ತು ಉತ್ತರ ಕನ್ನಡ ಜಿಲ್ಲಾ ಸಹಕಾರಿ ಹಾಲು ಉತ್ಪಾದಕರ ಸಂಘಗಳ ಒಕ್ಕೂಟ ನಿ., ಧಾರವಾಡ, ಇವರುಗಳ ಸಂಯುಕ್ತ ಆಶ್ರಯದಲ್ಲಿ ಗದಗ ತಾಲೂಕಿನ ಹಾಲು ಉತ್ಪಾದಕರ ಸಹಕಾರ ಸಂಘಗಳ ಅಧ್ಯಕ್ಷರು, ಹಾಗೂ ಮುಖ್ಯ ಕಾರ್ಯನಿರ್ವಾಹಕರುಗಳಿಗೆ ವಿಶೇಷ ತರಬೇತಿ ಕಾರ್ಯಕ್ರಮವನ್ನು ದಿನಾಂಕ: 23.07.2026 ರಂದು ಬೆಳಿಗ್ಗೆ 10-30 ಘಂಟೆಗೆ ಹಮ್ಮಿಕೊಳ್ಳಲಾಯಿತು. ಕಾರ್ಯಕ್ರಮದಲ್ಲಿ ಕರ್ನಾಟಕ ರಾಜ್ಯ ಸಹಕಾರಿ ಹಾಲು ಉತ್ಪಾದಕರ ಮಹಾಮಂಡಳ ನಿ., ಬೆಂಗಳೂರು ಇದರ ನಿರ್ದೇಶಕರಾದ ಎಸ್. ಬಿ. ಹಿರೇಗೌಡ್ರ ಅವರು ಮಾತನಾಡಿ, ಉತ್ಪಾದಕರ ಮಾರಾಟ ಪ್ರಕ್ರಿಯೆಯಲ್ಲಿ ಎಸ್‌.ಎನ್‌.ಎಫ್ ಸೂತ್ರವನ್ನು ಬದಲಾವಣೆ ಮಾಡಿದಲ್ಲಿ ಹಾಲು ಉತ್ಪಾದಕರಿಗೆ ಹೆಚ್ಚಿನ ಲಾಭವಾಗಲಿದೆ ಎಂದು ಹೇಳಿದರು. ಹಾಲು ಉತ್ಪಾದಕರಿಗೆ ಪ್ರೋತ್ಸಾಹಧನ ಹೆಚ್ಚಿಸುವ ನಿಟ್ಟಿನಲ್ಲಿ ಸರ್ಕಾರದ ಗಮನ ಸೆಳೆಯಲಾಗುವುದು. ಮುಂದಿನ ದಿನಗಳಲ್ಲಿ ಸಹಕಾರಿ ಸಂಘಗಳನ್ನು ಇನ್ನಷ್ಟು ಬಲಪಡಿಸುವ ನಿಟ್ಟಿನಲ್ಲಿ ಕಾರ್ಯಕ್ರಮ ರೂಪಿಸಲಾಗುವುದು ಎಂದರು.
ಅವಶ್ಯಕತೆಯ ಪ್ರೊಟೀನಯುಕ್ತ ಆಹಾರದ ಕೊರತೆಯು ಸಹಾಜವನ್ನು ಸರಿದೂಗಿಸಲು ಹೈನುಗಾರಿಕೆ ಅನಿವಾರ್ಯವಾಗಿದೆ. ಜಿಲ್ಲೆಯ ಹಾಲು ಉತ್ಪಾದಕರ ಸಹಕಾರ ಸಂಘಗಳ ಆಡಳಿತ ಮಂಡಳಿ ಸದಸ್ಯರು ಸಂಘದ ಅಭಿವೃದ್ಧಿಗೆ ಶ್ರಮಿಸಬೇಕು. ಸಂಘಗಳು ಪಾರದರ್ಶಕ ಆಡಳಿತ ನಡೆಸಿದಲ್ಲಿ ಮಾತ್ರ ಸದಸ್ಯರ ವಿಶ್ವಾಸ ಗಳಿಸಲು ಸಾಧ್ಯ. ಹಾಲಿನ ಗುಣಮಟ್ಟ ಕಾಯ್ದುಕೊಳ್ಳುವುದು ಪ್ರತಿಯೊಬ್ಬ ಉತ್ಪಾದಕನ ಜವಾಬ್ದಾರಿ. ಗದಗ ಜಿಲ್ಲಾ ಸಹಕಾರ ಯೂನಿಯನ್ ನಿರ್ದೇಶಕರಾದ ಎಸ್. ಕೆ. ಕುರಡಗಿ ಅವರು ಮಾತನಾಡಿ, ಸಹಕಾರಿ ತತ್ವಗಳನ್ನು ಅಳವಡಿಸಿಕೊಂಡು ಸಂಘಗಳು ಮುನ್ನಡೆಯಬೇಕು ಎಂದರು. ಸದಸ್ಯರ ಸಹಕಾರದಿಂದಲೇ ಸಂಘಗಳ ಪ್ರಗತಿ ಸಾಧ್ಯವಾಗುತ್ತದೆ. ಸಹಕಾರ ಸಂಘಗಳು ಗ್ರಾಮೀಣ ಆರ್ಥಿಕತೆಯ ಬೆನ್ನೆಲುಬು ಎಂದು ಹೇಳಿದರು. ಯುವಕರು ಹೈನುಗಾರಿಕೆಯಲ್ಲಿ ತೊಡಗಿಸಿಕೊಂಡು ಸ್ವಾವಲಂಬಿ ಜೀವನ ನಡೆಸಬೇಕು ಎಂದು ಕರೆ ನೀಡಿದರು.
ಭಾಗವಹಿಸಿ ಆಧಾರ ಸದುಪಯೋಗ ಪಡೆದು ತಮ್ಮ ಸಂಘಗಳ ಏಳ್ಗೆಗೆ ಶ್ರಮಿಸಬೇಕೆಂದು ಹೇಳಿದರು. ಕಾರ್ಯಕ್ರಮದಲ್ಲಿ ಗದಗ ತಾಲೂಕ ಸಹಕಾರ ಅಭಿವೃದ್ಧಿ ಅಧಿಕಾರಿಗಳಾದ ಬಿ. ಆರ್. ನಿಡಗುಂದಿ ಡಾ. ಆರ್. ವಾಯ್. ಗುರಿಕಾರ, ಧಾರವಾಡ ಹಾಲು ಒಕ್ಕೂಟದ ಜಿಲ್ಲಾ ಮುಖ್ಯಸ್ಥರು ಪ್ರಸನ್ನ ಪಟ್ಟಣ, ಹಾಗೂ ಗದಗ ತಾಲೂಕಿನ ಶಿರಹಟ್ಟಿಯ ಎ. ಹುಗ್ಗಿ ಉಪಸ್ಥಿತರಿದ್ದರು. ತರಬೇತಿ ಕಾರ್ಯಾಗಾರದಲ್ಲಿ ಮೊದಲನೇ ಗೋಷ್ಠಿಯಲ್ಲಿ ಗದಗ ಜಿಲ್ಲಾ ಸಹಕಾರ ಯೂನಿಯನ್ ನಿ. ಇದರ ಸಹಕಾರ ಶಿಕ್ಷಣ ಅಧಿಕಾರಿಗಳಾದ ಡಿ. ಆಯ್. ನದಾಫ ಇವರು ಸಹಕಾರ ಸಂಘಗಳಲ್ಲಿ ಆಡಳಿತ ಮಂಡಳಿಯ ಪಾತ್ರದ ಬಗ್ಗೆ ಉಪನ್ಯಾಸ ನೀಡಿದರು. ಎರಡನೇ ಗೋಷ್ಠಿಯಲ್ಲಿ ಧಾರವಾಡ ಹಾಲು ಒಕ್ಕೂಟದ ವಿಸ್ತರಣಾಧಿಕಾರಿಗಳು ಹಾಲಿನ ಗುಣಮಟ್ಟ ಕುರಿತು ಮಾಹಿತಿ ನೀಡಿದರು. ಕಾರ್ಯಕ್ರಮದ ಪ್ರಾರಂಭದಲ್ಲಿ ಪ್ರಾರ್ಥನೆ ಗೀತೆಯನ್ನು ಹಾಡಲಾಯಿತು. ಕಾರ್ಯಕ್ರಮವನ್ನು ಗದಗ ಜಿಲ್ಲಾ ಸಹಕಾರ ಯೂನಿಯನ್ ನಿ. ಇದರ ಸಹಕಾರ ಶಿಕ್ಷಣ ಅಧಿಕಾರಿಗಳು ನಿರೂಪಿಸಿ ವಂದಿಸಿದರು.
